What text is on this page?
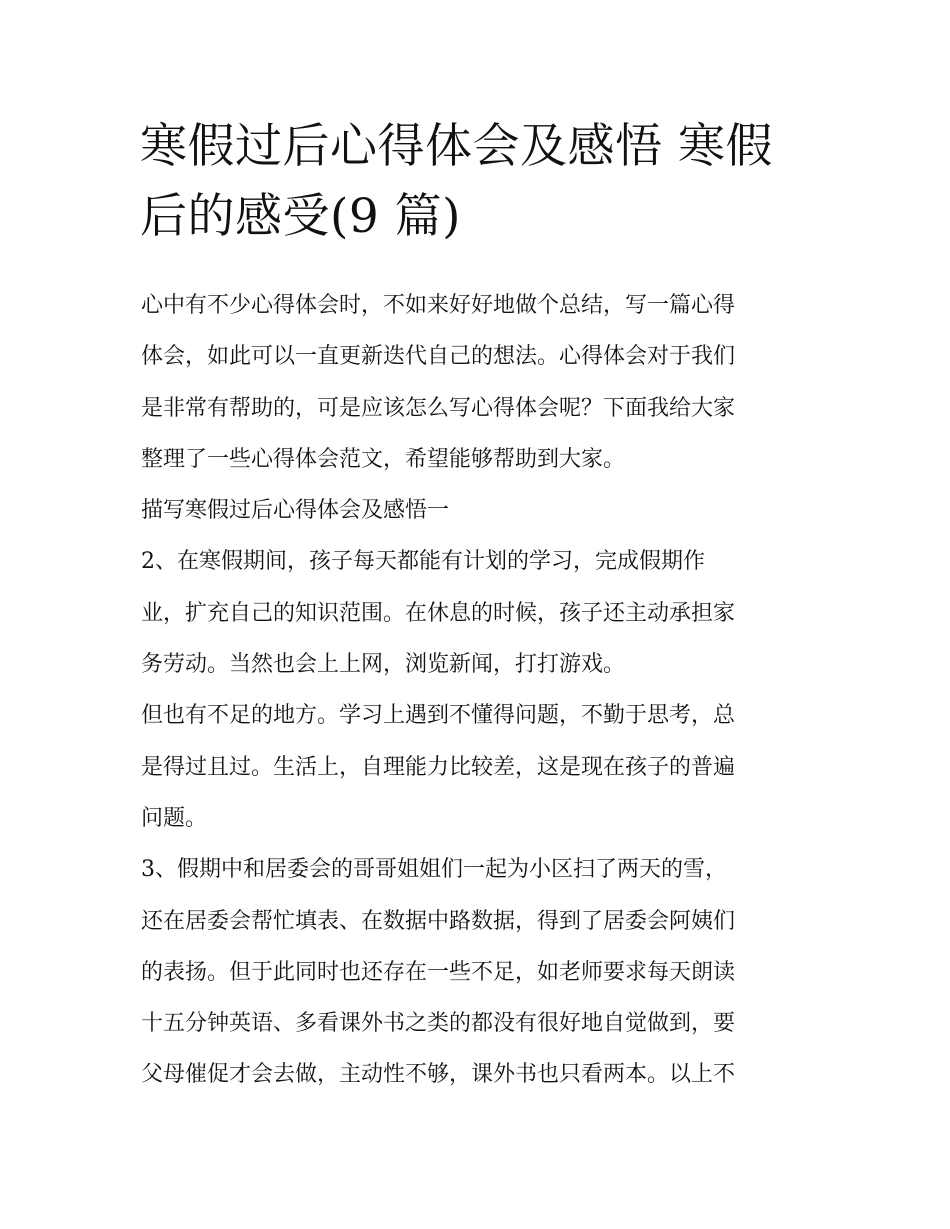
寒假过后心得体会及感悟 寒假
后的感受(9 篇)
心中有不少心得体会时，不如来好好地做个总结，写一篇心得
体会，如此可以一直更新迭代自己的想法。心得体会对于我们
是非常有帮助的，可是应该怎么写心得体会呢？下面我给大家
整理了一些心得体会范文，希望能够帮助到大家。
描写寒假过后心得体会及感悟一
2、在寒假期间，孩子每天都能有计划的学习，完成假期作
业，扩充自己的知识范围。在休息的时候，孩子还主动承担家
务劳动。当然也会上上网，浏览新闻，打打游戏。
但也有不足的地方。学习上遇到不懂得问题，不勤于思考，总
是得过且过。生活上，自理能力比较差，这是现在孩子的普遍
问题。
3、假期中和居委会的哥哥姐姐们一起为小区扫了两天的雪，
还在居委会帮忙填表、在数据中路数据，得到了居委会阿姨们
的表扬。但于此同时也还存在一些不足，如老师要求每天朗读
十五分钟英语、多看课外书之类的都没有很好地自觉做到，要
父母催促才会去做，主动性不够，课外书也只看两本。以上不
